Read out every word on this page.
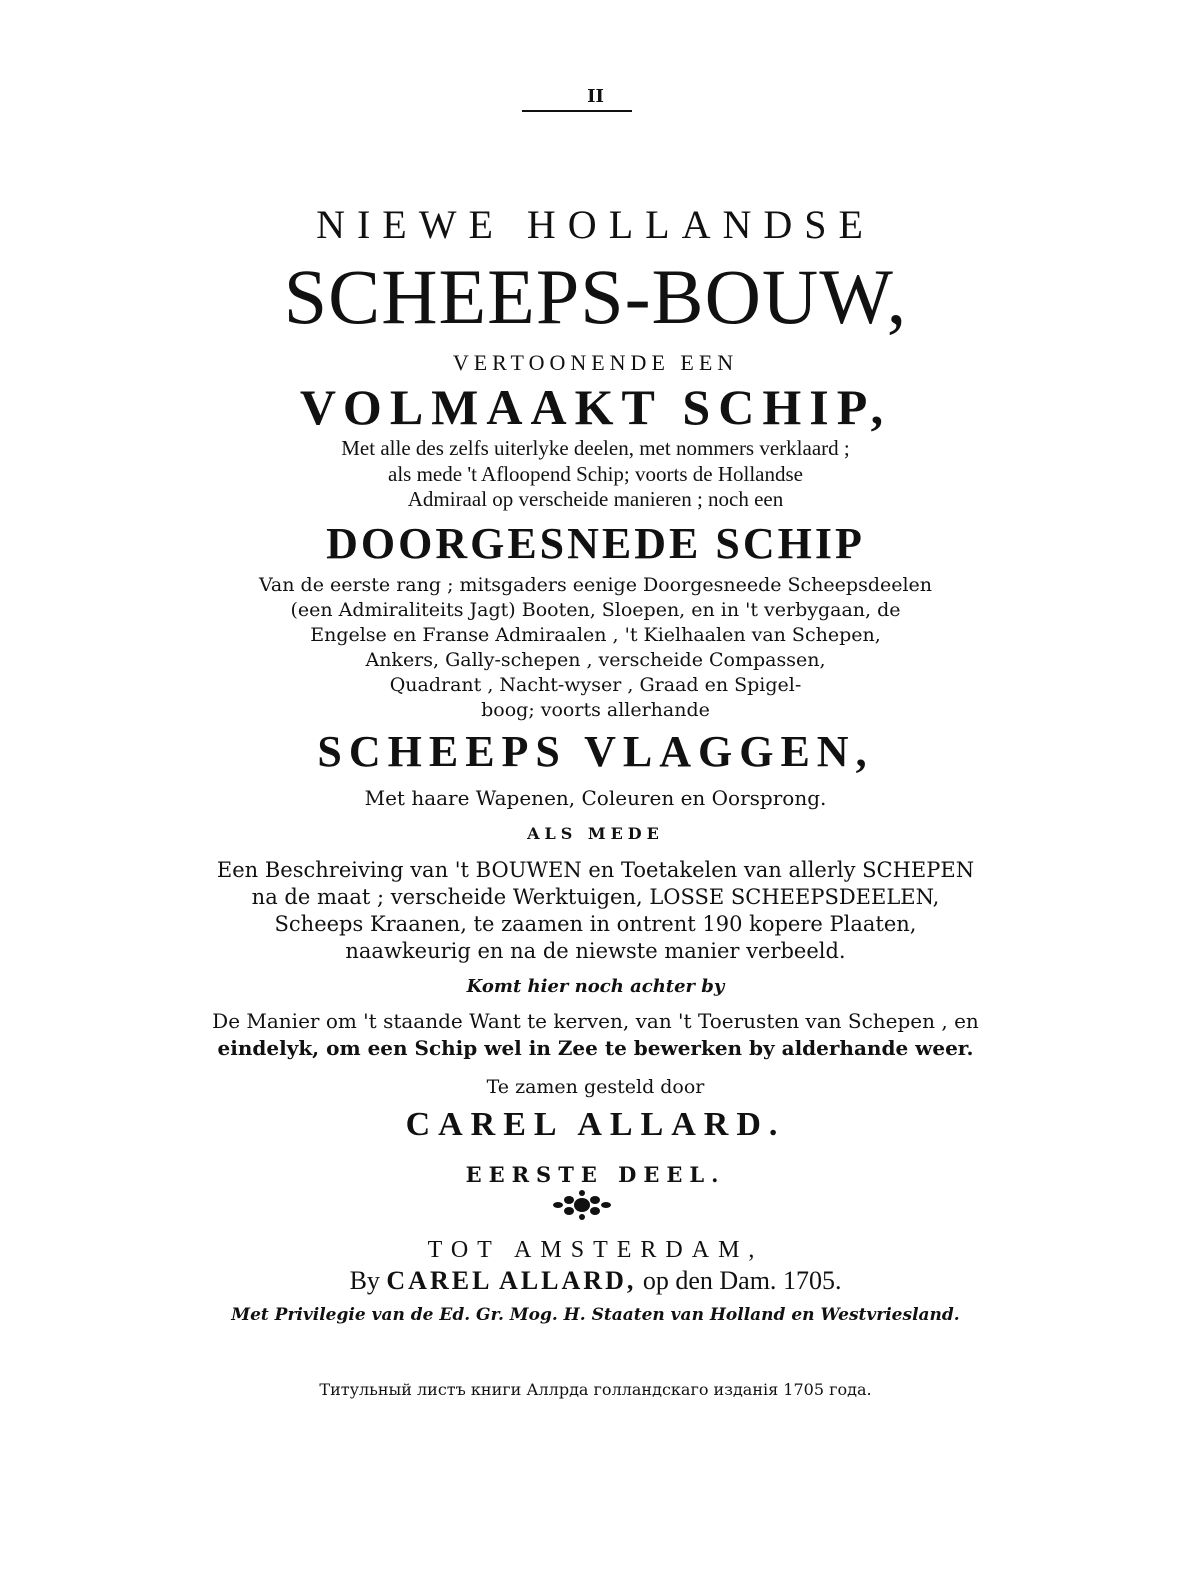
II
NIEWE HOLLANDSE
SCHEEPS-BOUW,
VERTOONENDE EEN
VOLMAAKT SCHIP,
Met alle des zelfs uiterlyke deelen, met nommers verklaard ;
als mede 't Afloopend Schip; voorts de Hollandse
Admiraal op verscheide manieren ; noch een
DOORGESNEDE SCHIP
Van de eerste rang ; mitsgaders eenige Doorgesneede Scheepsdeelen
(een Admiraliteits Jagt) Booten, Sloepen, en in 't verbygaan, de
Engelse en Franse Admiraalen , 't Kielhaalen van Schepen,
Ankers, Gally-schepen , verscheide Compassen,
Quadrant , Nacht-wyser , Graad en Spigel-
boog; voorts allerhande
SCHEEPS VLAGGEN,
Met haare Wapenen, Coleuren en Oorsprong.
ALS MEDE
Een Beschreiving van 't BOUWEN en Toetakelen van allerly SCHEPEN
na de maat ; verscheide Werktuigen, LOSSE SCHEEPSDEELEN,
Scheeps Kraanen, te zaamen in ontrent 190 kopere Plaaten,
naawkeurig en na de niewste manier verbeeld.
Komt hier noch achter by
De Manier om 't staande Want te kerven, van 't Toerusten van Schepen , en
eindelyk, om een Schip wel in Zee te bewerken by alderhande weer.
Te zamen gesteld door
CAREL ALLARD.
EERSTE DEEL.
TOT AMSTERDAM,
By CAREL ALLARD, op den Dam. 1705.
Met Privilegie van de Ed. Gr. Mog. H. Staaten van Holland en Westvriesland.
Титульный листъ книги Аллрда голландскаго изданія 1705 года.
